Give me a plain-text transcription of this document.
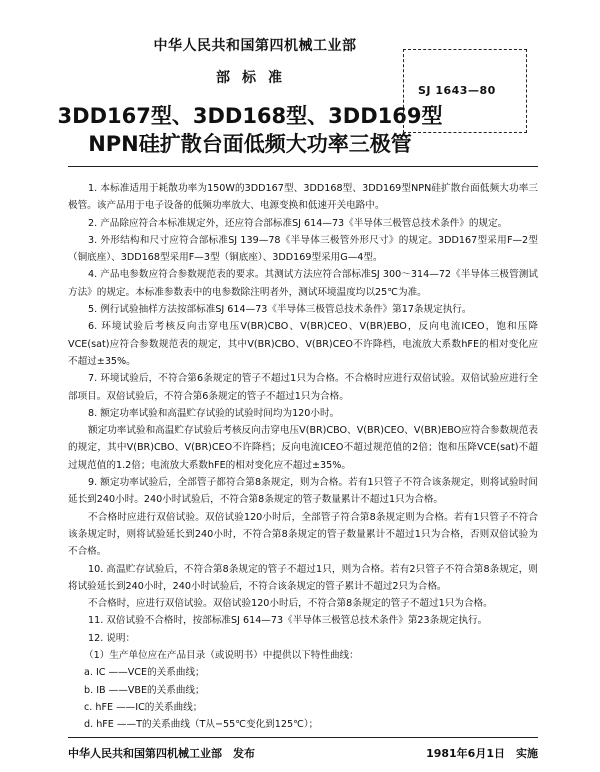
中华人民共和国第四机械工业部
部标准
3DD167型、3DD168型、3DD169型
NPN硅扩散台面低频大功率三极管
SJ 1643—80

1. 本标准适用于耗散功率为150W的3DD167型、3DD168型、3DD169型NPN硅扩散台面低频大功率三极管。该产品用于电子设备的低频功率放大、电源变换和低速开关电路中。

2. 产品除应符合本标准规定外，还应符合部标准SJ 614—73《半导体三极管总技术条件》的规定。

3. 外形结构和尺寸应符合部标准SJ 139—78《半导体三极管外形尺寸》的规定。3DD167型采用F—2型（铜底座）、3DD168型采用F—3型（铜底座）、3DD169型采用G—4型。

4. 产品电参数应符合参数规范表的要求。其测试方法应符合部标准SJ 300～314—72《半导体三极管测试方法》的规定。本标准参数表中的电参数除注明者外，测试环境温度均以25℃为准。

5. 例行试验抽样方法按部标准SJ 614—73《半导体三极管总技术条件》第17条规定执行。

6. 环境试验后考核反向击穿电压V(BR)CBO、V(BR)CEO、V(BR)EBO，反向电流ICEO，饱和压降VCE(sat)应符合参数规范表的规定，其中V(BR)CBO、V(BR)CEO不许降档，电流放大系数hFE的相对变化应不超过±35%。

7. 环境试验后，不符合第6条规定的管子不超过1只为合格。不合格时应进行双倍试验。双倍试验应进行全部项目。双倍试验后，不符合第6条规定的管子不超过1只为合格。

8. 额定功率试验和高温贮存试验的试验时间均为120小时。

额定功率试验和高温贮存试验后考核反向击穿电压V(BR)CBO、V(BR)CEO、V(BR)EBO应符合参数规范表的规定，其中V(BR)CBO、V(BR)CEO不许降档；反向电流ICEO不超过规范值的2倍；饱和压降VCE(sat)不超过规范值的1.2倍；电流放大系数hFE的相对变化应不超过±35%。

9. 额定功率试验后，全部管子都符合第8条规定，则为合格。若有1只管子不符合该条规定，则将试验时间延长到240小时。240小时试验后，不符合第8条规定的管子数量累计不超过1只为合格。

不合格时应进行双倍试验。双倍试验120小时后，全部管子符合第8条规定则为合格。若有1只管子不符合该条规定时，则将试验延长到240小时，不符合第8条规定的管子数量累计不超过1只为合格，否则双倍试验为不合格。

10. 高温贮存试验后，不符合第8条规定的管子不超过1只，则为合格。若有2只管子不符合第8条规定，则将试验延长到240小时，240小时试验后，不符合该条规定的管子累计不超过2只为合格。

不合格时，应进行双倍试验。双倍试验120小时后，不符合第8条规定的管子不超过1只为合格。

11. 双倍试验不合格时，按部标准SJ 614—73《半导体三极管总技术条件》第23条规定执行。

12. 说明：

（1）生产单位应在产品目录（或说明书）中提供以下特性曲线：

a. IC ——VCE的关系曲线；

b. IB ——VBE的关系曲线；

c. hFE ——IC的关系曲线；

d. hFE ——T的关系曲线（T从−55℃变化到125℃）；

中华人民共和国第四机械工业部　发布	1981年6月1日　实施
